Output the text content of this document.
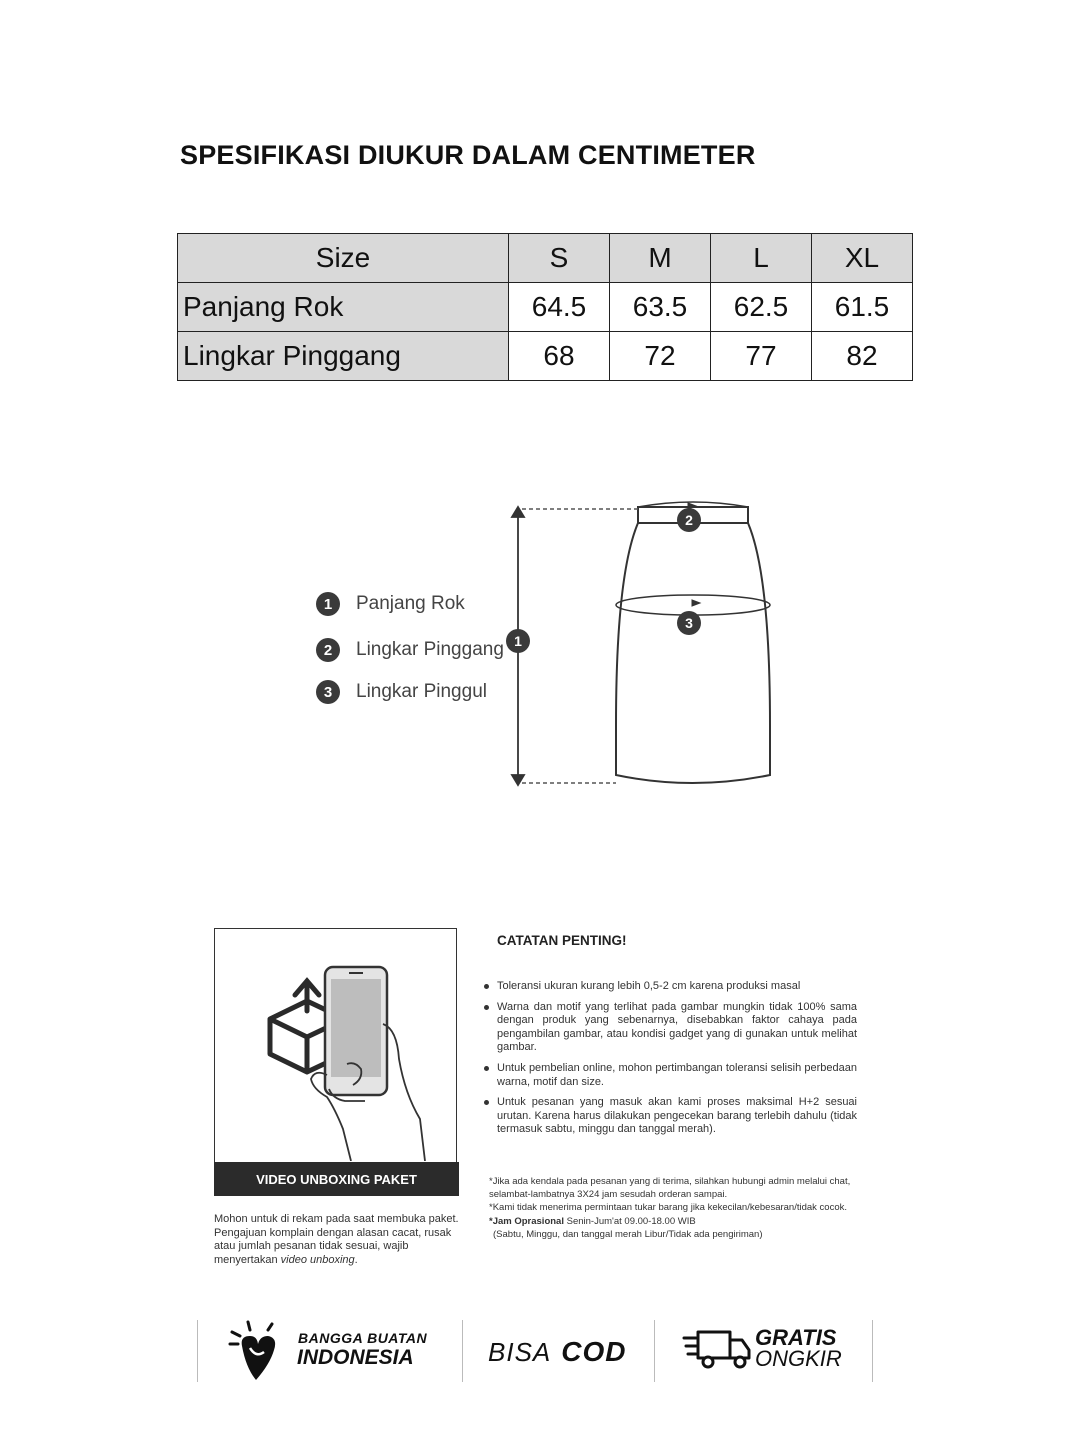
SPESIFIKASI DIUKUR DALAM CENTIMETER
Size	S	M	L	XL
Panjang Rok	64.5	63.5	62.5	61.5
Lingkar Pinggang	68	72	77	82
1	Panjang Rok
2	Lingkar Pinggang
3	Lingkar Pinggul
1
2
3
VIDEO UNBOXING PAKET
Mohon untuk di rekam pada saat membuka paket. Pengajuan komplain dengan alasan cacat, rusak atau jumlah pesanan tidak sesuai, wajib menyertakan video unboxing.
CATATAN PENTING!
Toleransi ukuran kurang lebih 0,5-2 cm karena produksi masal
Warna dan motif yang terlihat pada gambar mungkin tidak 100% sama dengan produk yang sebenarnya, disebabkan faktor cahaya pada pengambilan gambar, atau kondisi gadget yang di gunakan untuk melihat gambar.
Untuk pembelian online, mohon pertimbangan toleransi selisih perbedaan warna, motif dan size.
Untuk pesanan yang masuk akan kami proses maksimal H+2 sesuai urutan. Karena harus dilakukan pengecekan barang terlebih dahulu (tidak termasuk sabtu, minggu dan tanggal merah).

*Jika ada kendala pada pesanan yang di terima, silahkan hubungi admin melalui chat, selambat-lambatnya 3X24 jam sesudah orderan sampai.

*Kami tidak menerima permintaan tukar barang jika kekecilan/kebesaran/tidak cocok.

*Jam Oprasional Senin-Jum'at 09.00-18.00 WIB

(Sabtu, Minggu, dan tanggal merah Libur/Tidak ada pengiriman)

BANGGA BUATAN
INDONESIA	BISA COD	GRATIS
ONGKIR
